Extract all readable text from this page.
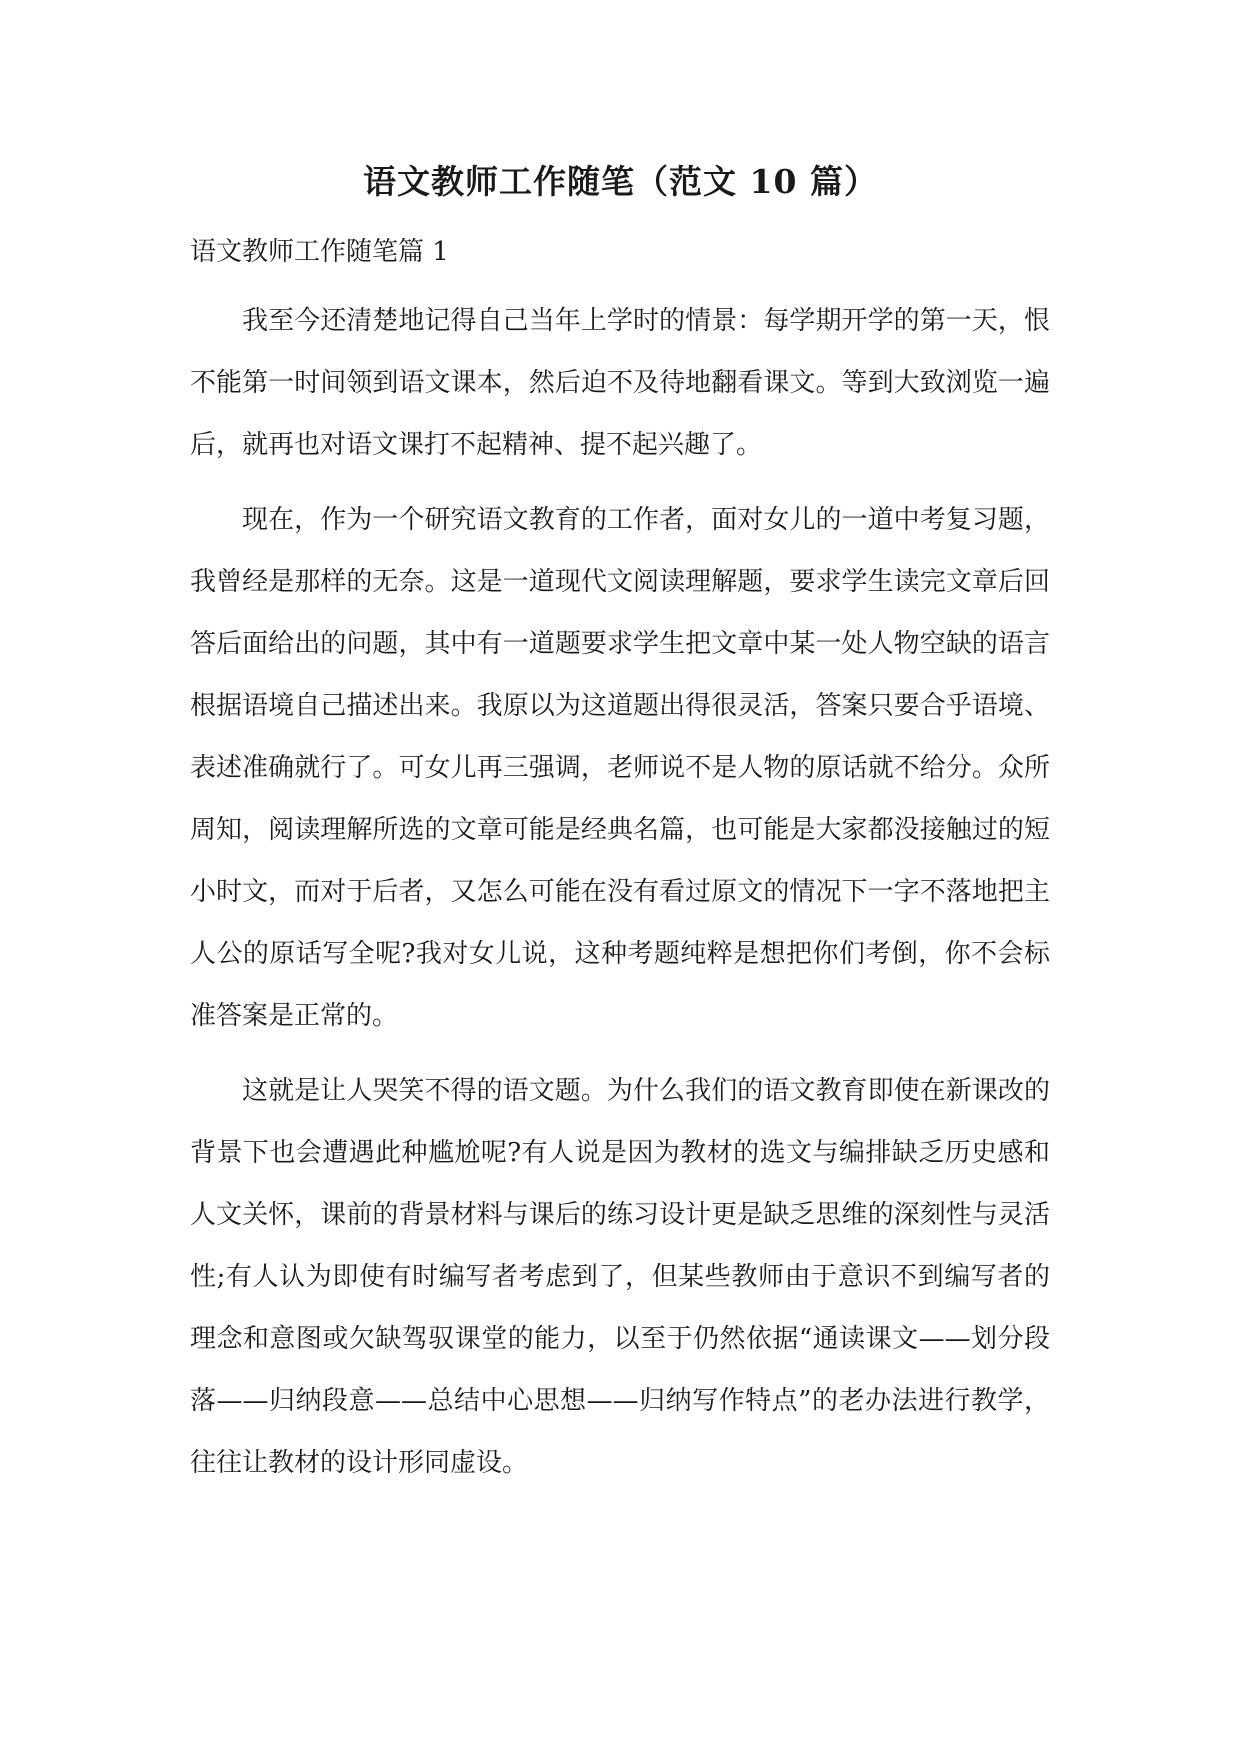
语文教师工作随笔（范文 10 篇）
语文教师工作随笔篇 1

我至今还清楚地记得自己当年上学时的情景：每学期开学的第一天，恨不能第一时间领到语文课本，然后迫不及待地翻看课文。等到大致浏览一遍后，就再也对语文课打不起精神、提不起兴趣了。

现在，作为一个研究语文教育的工作者，面对女儿的一道中考复习题，我曾经是那样的无奈。这是一道现代文阅读理解题，要求学生读完文章后回答后面给出的问题，其中有一道题要求学生把文章中某一处人物空缺的语言根据语境自己描述出来。我原以为这道题出得很灵活，答案只要合乎语境、表述准确就行了。可女儿再三强调，老师说不是人物的原话就不给分。众所周知，阅读理解所选的文章可能是经典名篇，也可能是大家都没接触过的短小时文，而对于后者，又怎么可能在没有看过原文的情况下一字不落地把主人公的原话写全呢?我对女儿说，这种考题纯粹是想把你们考倒，你不会标准答案是正常的。

这就是让人哭笑不得的语文题。为什么我们的语文教育即使在新课改的背景下也会遭遇此种尴尬呢?有人说是因为教材的选文与编排缺乏历史感和人文关怀，课前的背景材料与课后的练习设计更是缺乏思维的深刻性与灵活性;有人认为即使有时编写者考虑到了，但某些教师由于意识不到编写者的理念和意图或欠缺驾驭课堂的能力，以至于仍然依据“通读课文——划分段落——归纳段意——总结中心思想——归纳写作特点”的老办法进行教学，往往让教材的设计形同虚设。
